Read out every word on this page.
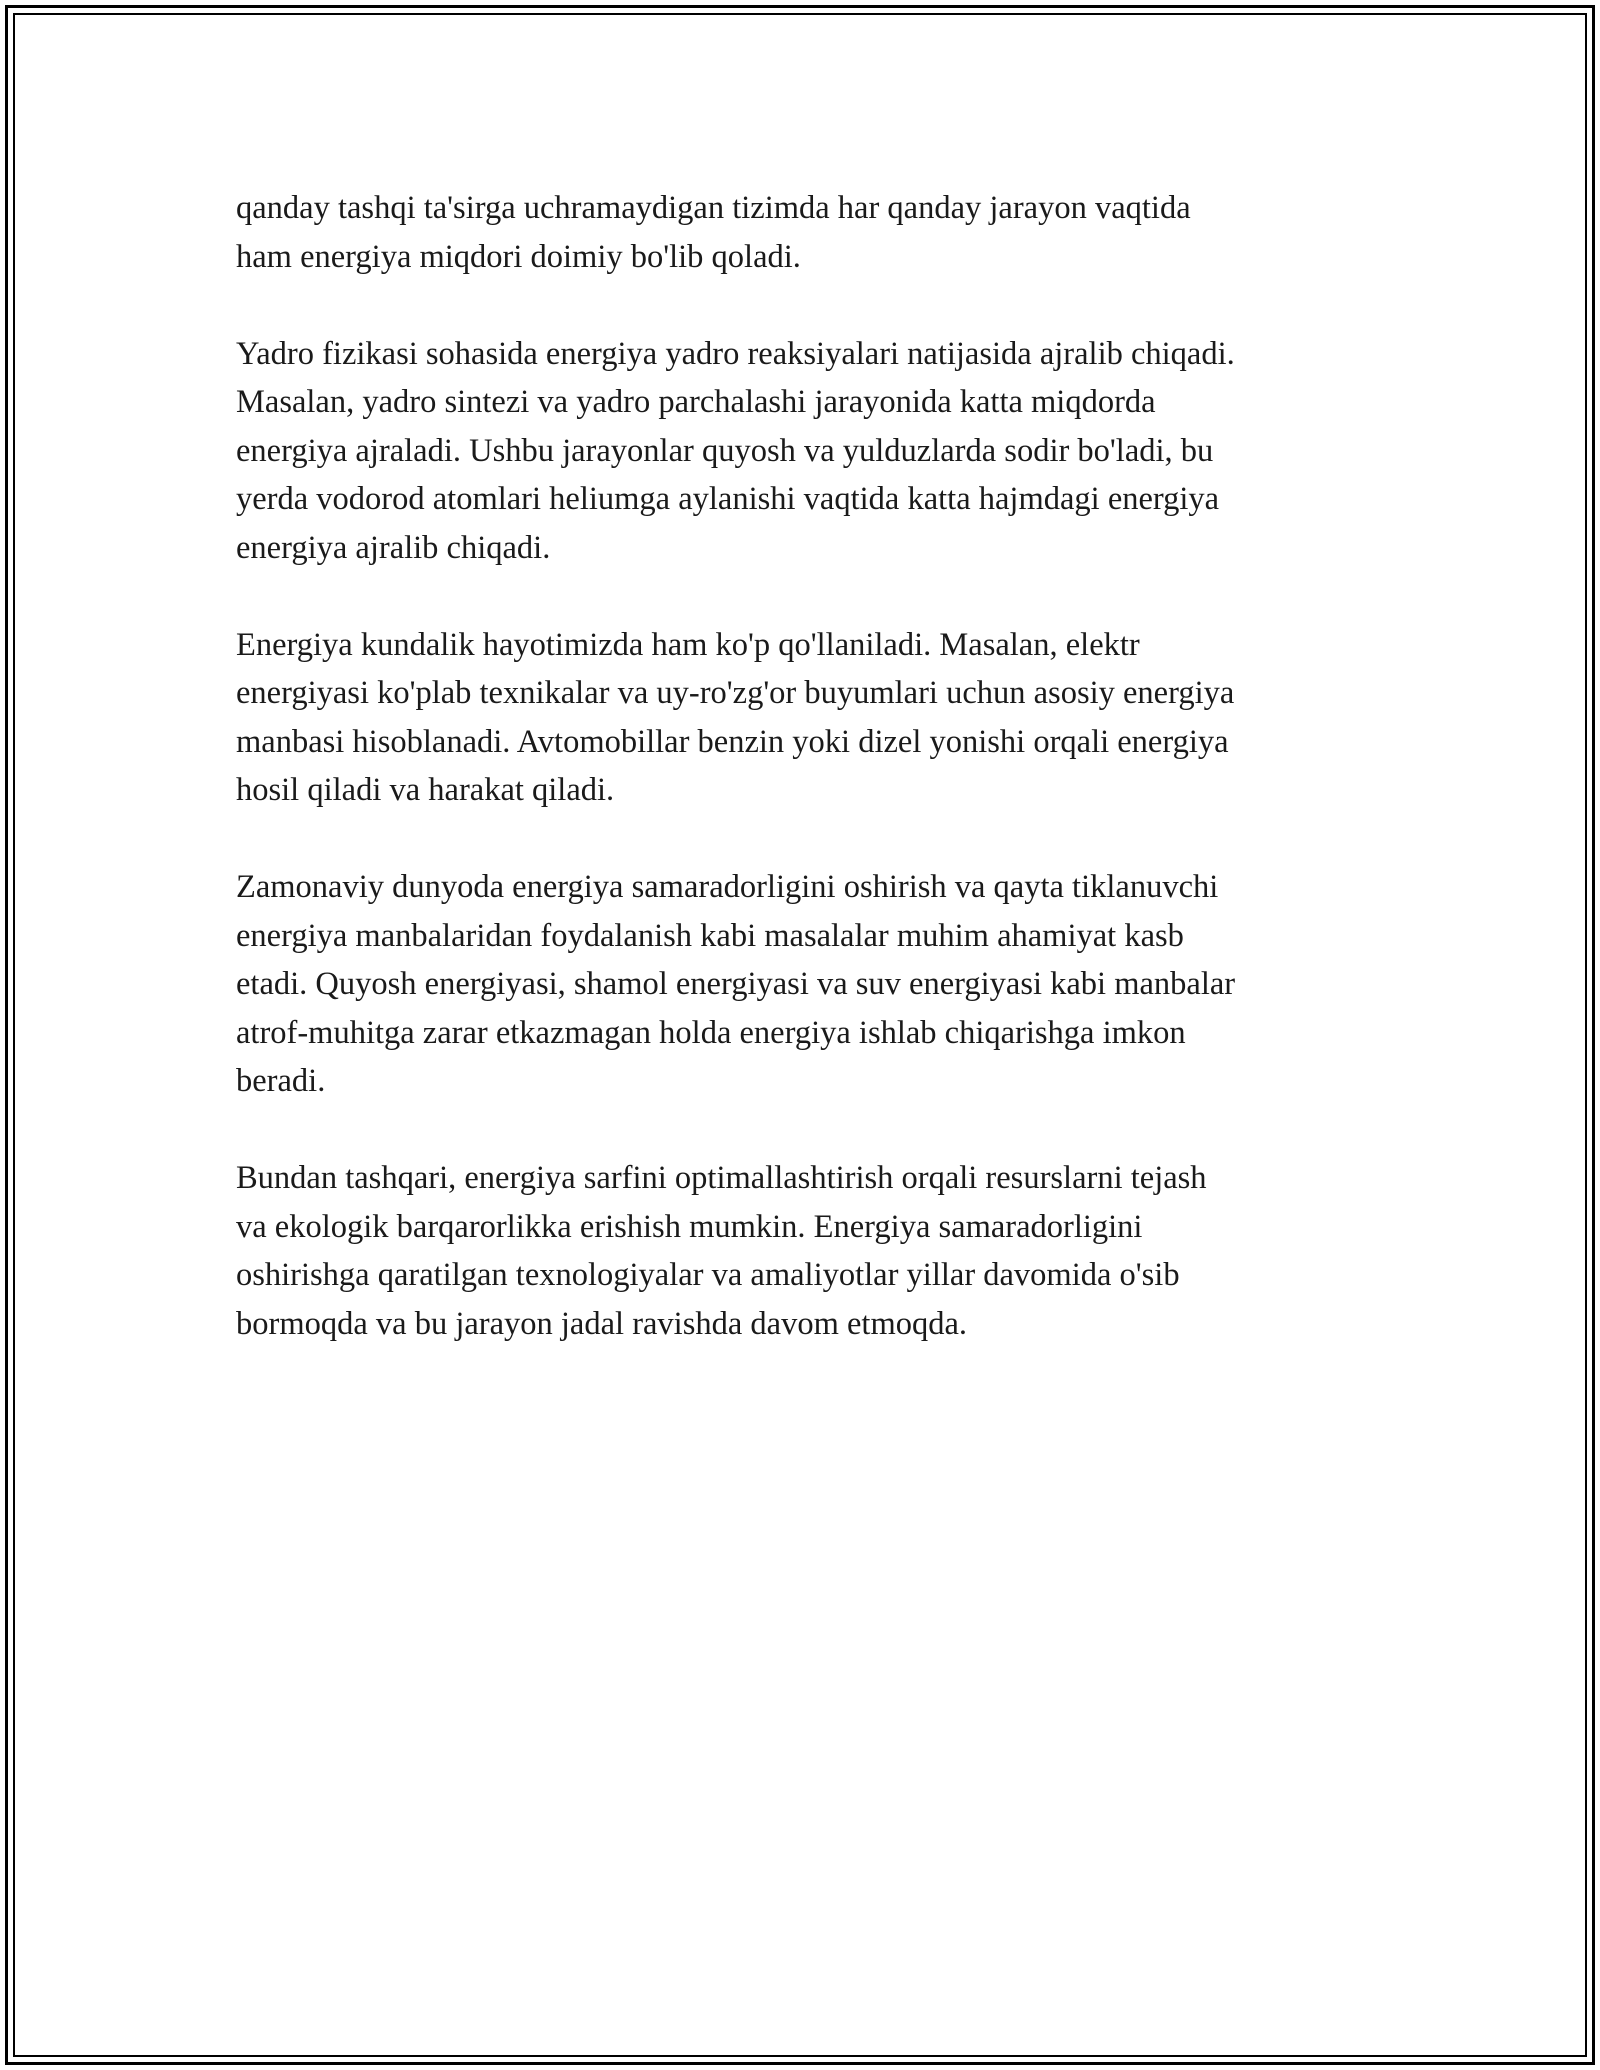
qanday tashqi ta'sirga uchramaydigan tizimda har qanday jarayon vaqtida

ham energiya miqdori doimiy bo'lib qoladi.

Yadro fizikasi sohasida energiya yadro reaksiyalari natijasida ajralib chiqadi.

Masalan, yadro sintezi va yadro parchalashi jarayonida katta miqdorda

energiya ajraladi. Ushbu jarayonlar quyosh va yulduzlarda sodir bo'ladi, bu

yerda vodorod atomlari heliumga aylanishi vaqtida katta hajmdagi energiya

energiya ajralib chiqadi.

Energiya kundalik hayotimizda ham ko'p qo'llaniladi. Masalan, elektr

energiyasi ko'plab texnikalar va uy-ro'zg'or buyumlari uchun asosiy energiya

manbasi hisoblanadi. Avtomobillar benzin yoki dizel yonishi orqali energiya

hosil qiladi va harakat qiladi.

Zamonaviy dunyoda energiya samaradorligini oshirish va qayta tiklanuvchi

energiya manbalaridan foydalanish kabi masalalar muhim ahamiyat kasb

etadi. Quyosh energiyasi, shamol energiyasi va suv energiyasi kabi manbalar

atrof-muhitga zarar etkazmagan holda energiya ishlab chiqarishga imkon

beradi.

Bundan tashqari, energiya sarfini optimallashtirish orqali resurslarni tejash

va ekologik barqarorlikka erishish mumkin. Energiya samaradorligini

oshirishga qaratilgan texnologiyalar va amaliyotlar yillar davomida o'sib

bormoqda va bu jarayon jadal ravishda davom etmoqda.
